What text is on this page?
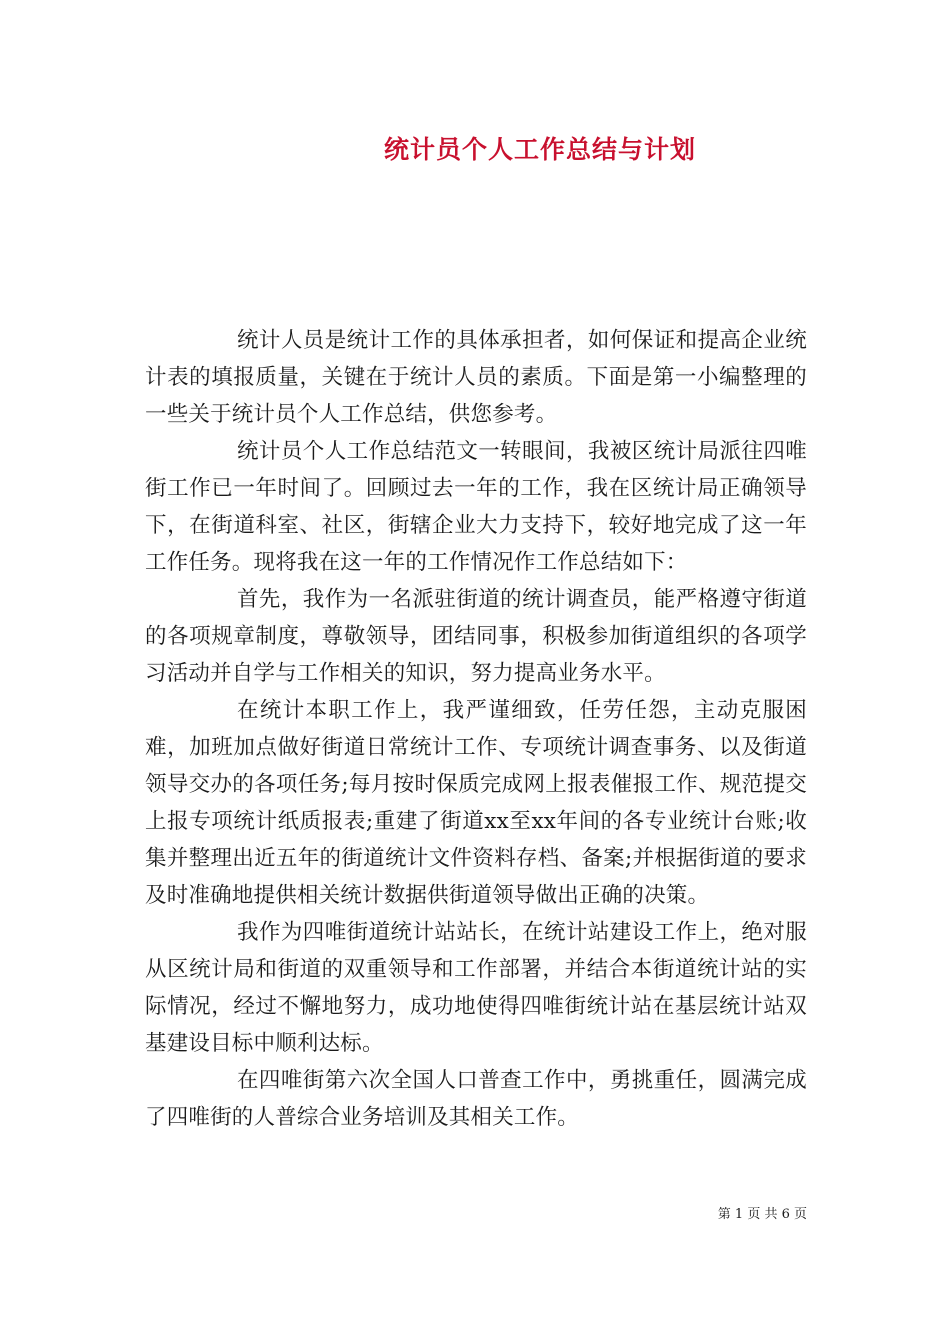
统计员个人工作总结与计划

统计人员是统计工作的具体承担者，如何保证和提高企业统计表的填报质量，关键在于统计人员的素质。下面是第一小编整理的一些关于统计员个人工作总结，供您参考。

统计员个人工作总结范文一转眼间，我被区统计局派往四唯街工作已一年时间了。回顾过去一年的工作，我在区统计局正确领导下，在街道科室、社区，街辖企业大力支持下，较好地完成了这一年工作任务。现将我在这一年的工作情况作工作总结如下：

首先，我作为一名派驻街道的统计调查员，能严格遵守街道的各项规章制度，尊敬领导，团结同事，积极参加街道组织的各项学习活动并自学与工作相关的知识，努力提高业务水平。

在统计本职工作上，我严谨细致，任劳任怨，主动克服困难，加班加点做好街道日常统计工作、专项统计调查事务、以及街道领导交办的各项任务;每月按时保质完成网上报表催报工作、规范提交上报专项统计纸质报表;重建了街道xx至xx年间的各专业统计台账;收集并整理出近五年的街道统计文件资料存档、备案;并根据街道的要求及时准确地提供相关统计数据供街道领导做出正确的决策。

我作为四唯街道统计站站长，在统计站建设工作上，绝对服从区统计局和街道的双重领导和工作部署，并结合本街道统计站的实际情况，经过不懈地努力，成功地使得四唯街统计站在基层统计站双基建设目标中顺利达标。

在四唯街第六次全国人口普查工作中，勇挑重任，圆满完成了四唯街的人普综合业务培训及其相关工作。

第 1 页 共 6 页
